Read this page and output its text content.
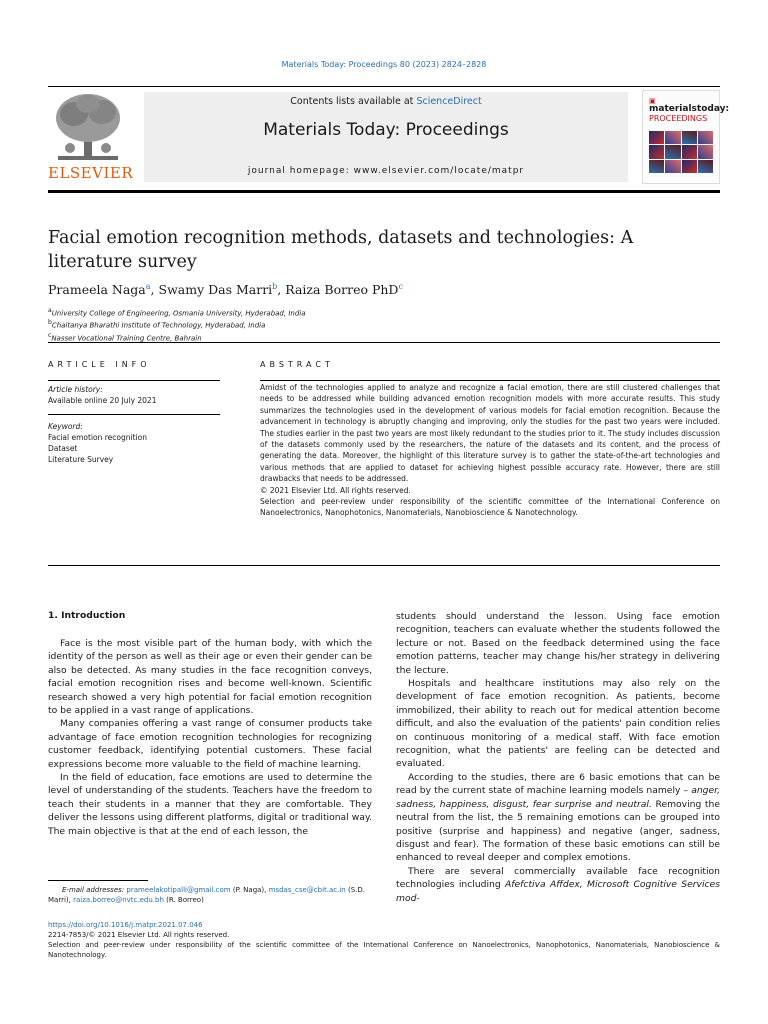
Materials Today: Proceedings 80 (2023) 2824–2828
ELSEVIER
Contents lists available at ScienceDirect
Materials Today: Proceedings
journal homepage: www.elsevier.com/locate/matpr
▣
materialstoday:
PROCEEDINGS
Facial emotion recognition methods, datasets and technologies: A literature survey
Prameela Naga$^a$, Swamy Das Marri$^b$, Raiza Borreo PhD$^c$
$^a$University College of Engineering, Osmania University, Hyderabad, India
$^b$Chaitanya Bharathi Institute of Technology, Hyderabad, India
$^c$Nasser Vocational Training Centre, Bahrain
ARTICLE INFO
Article history:
Available online 20 July 2021
Keyword:
Facial emotion recognition
Dataset
Literature Survey
ABSTRACT
Amidst of the technologies applied to analyze and recognize a facial emotion, there are still clustered challenges that needs to be addressed while building advanced emotion recognition models with more accurate results. This study summarizes the technologies used in the development of various models for facial emotion recognition. Because the advancement in technology is abruptly changing and improving, only the studies for the past two years were included. The studies earlier in the past two years are most likely redundant to the studies prior to it. The study includes discussion of the datasets commonly used by the researchers, the nature of the datasets and its content, and the process of generating the data. Moreover, the highlight of this literature survey is to gather the state-of-the-art technologies and various methods that are applied to dataset for achieving highest possible accuracy rate. However, there are still drawbacks that needs to be addressed.
© 2021 Elsevier Ltd. All rights reserved.
Selection and peer-review under responsibility of the scientific committee of the International Conference on Nanoelectronics, Nanophotonics, Nanomaterials, Nanobioscience & Nanotechnology.
1. Introduction

Face is the most visible part of the human body, with which the identity of the person as well as their age or even their gender can be also be detected. As many studies in the face recognition conveys, facial emotion recognition rises and become well-known. Scientific research showed a very high potential for facial emotion recognition to be applied in a vast range of applications.

Many companies offering a vast range of consumer products take advantage of face emotion recognition technologies for recognizing customer feedback, identifying potential customers. These facial expressions become more valuable to the field of machine learning.

In the field of education, face emotions are used to determine the level of understanding of the students. Teachers have the freedom to teach their students in a manner that they are comfortable. They deliver the lessons using different platforms, digital or traditional way. The main objective is that at the end of each lesson, the

students should understand the lesson. Using face emotion recognition, teachers can evaluate whether the students followed the lecture or not. Based on the feedback determined using the face emotion patterns, teacher may change his/her strategy in delivering the lecture.

Hospitals and healthcare institutions may also rely on the development of face emotion recognition. As patients, become immobilized, their ability to reach out for medical attention become difficult, and also the evaluation of the patients' pain condition relies on continuous monitoring of a medical staff. With face emotion recognition, what the patients' are feeling can be detected and evaluated.

According to the studies, there are 6 basic emotions that can be read by the current state of machine learning models namely – anger, sadness, happiness, disgust, fear surprise and neutral. Removing the neutral from the list, the 5 remaining emotions can be grouped into positive (surprise and happiness) and negative (anger, sadness, disgust and fear). The formation of these basic emotions can still be enhanced to reveal deeper and complex emotions.

There are several commercially available face recognition technologies including Afefctiva Affdex, Microsoft Cognitive Services mod-

E-mail addresses: prameelakotipalli@gmail.com (P. Naga), msdas_cse@cbit.ac.in (S.D. Marri), raiza.borreo@nvtc.edu.bh (R. Borreo)
https://doi.org/10.1016/j.matpr.2021.07.046
2214-7853/© 2021 Elsevier Ltd. All rights reserved.
Selection and peer-review under responsibility of the scientific committee of the International Conference on Nanoelectronics, Nanophotonics, Nanomaterials, Nanobioscience & Nanotechnology.
